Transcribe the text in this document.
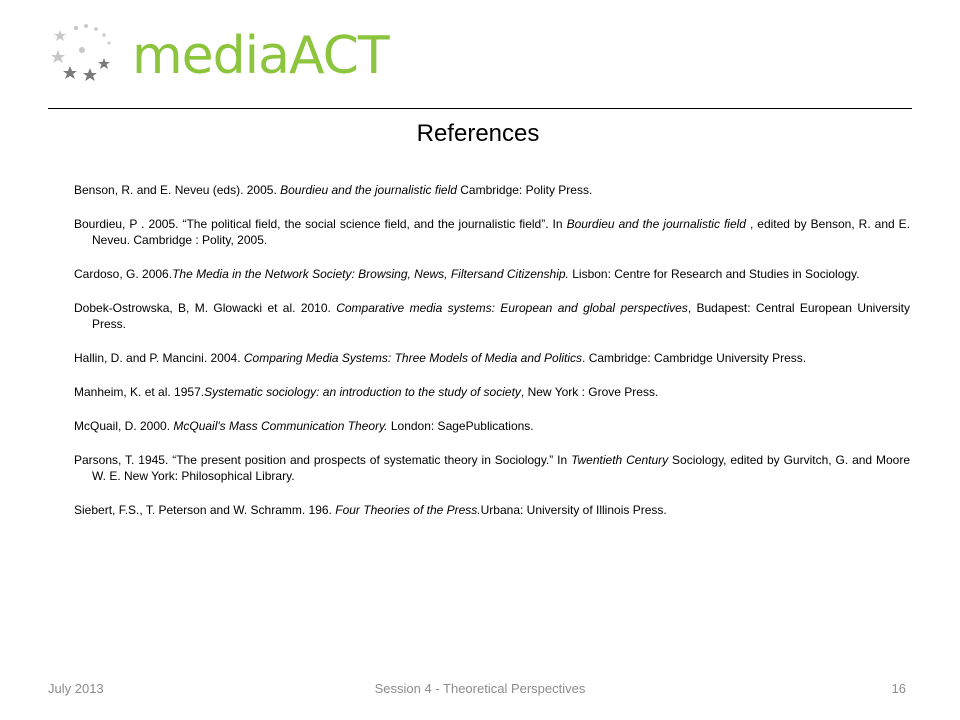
mediaACT
References

Benson, R. and E. Neveu (eds). 2005. Bourdieu and the journalistic field Cambridge: Polity Press.

Bourdieu, P . 2005. “The political field, the social science field, and the journalistic field”. In Bourdieu and the journalistic field , edited by Benson, R. and E. Neveu. Cambridge : Polity, 2005.

Cardoso, G. 2006.The Media in the Network Society: Browsing, News, Filtersand Citizenship. Lisbon: Centre for Research and Studies in Sociology.

Dobek-Ostrowska, B, M. Glowacki et al. 2010. Comparative media systems: European and global perspectives, Budapest: Central European University Press.

Hallin, D. and P. Mancini. 2004. Comparing Media Systems: Three Models of Media and Politics. Cambridge: Cambridge University Press.

Manheim, K. et al. 1957.Systematic sociology: an introduction to the study of society, New York : Grove Press.

McQuail, D. 2000. McQuail's Mass Communication Theory. London: SagePublications.

Parsons, T. 1945. “The present position and prospects of systematic theory in Sociology.” In Twentieth Century Sociology, edited by Gurvitch, G. and Moore W. E. New York: Philosophical Library.

Siebert, F.S., T. Peterson and W. Schramm. 196. Four Theories of the Press.Urbana: University of Illinois Press.

July 2013	Session 4 - Theoretical Perspectives	16
